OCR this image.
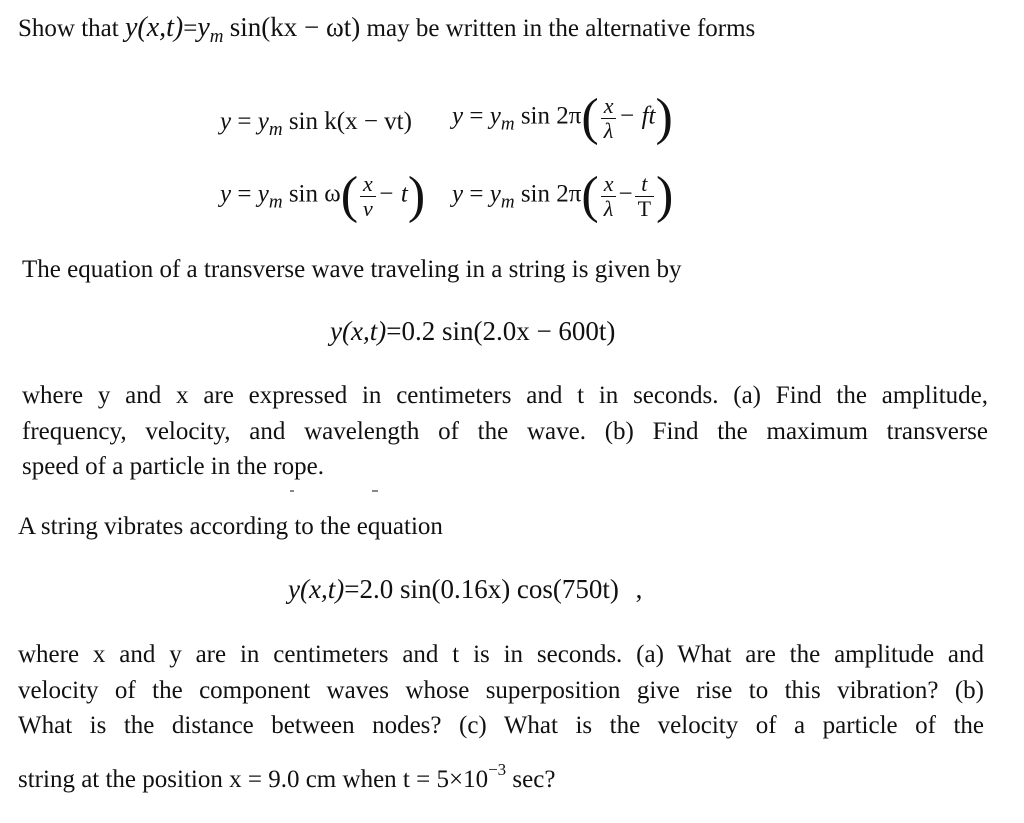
Show that $y(x,t)=y_m$ sin(kx − ωt) may be written in the alternative forms
$y = y_m$ sin k(x − vt) $y = y_m$ $\sin 2\pi( \frac{x}{\lambda} - ft)$
$y = y_m$ $\sin \omega( \frac{x}{v} - t)$ $y = y_m$ $\sin 2\pi( \frac{x}{\lambda} - \frac{t}{T}$ )
The equation of a transverse wave traveling in a string is given by
y(x,t)=0.2 sin(2.0x − 600t)
where y and x are expressed in centimeters and t in seconds. (a) Find the amplitude,
frequency, velocity, and wavelength of the wave. (b) Find the maximum transverse
speed of a particle in the rope.
A string vibrates according to the equation
y(x,t)=2.0 sin(0.16x) cos(750t) ,
where x and y are in centimeters and t is in seconds. (a) What are the amplitude and
velocity of the component waves whose superposition give rise to this vibration? (b)
What is the distance between nodes? (c) What is the velocity of a particle of the
string at the position x = 9.0 cm when $t = 5\times 10^{-3}$ sec?
